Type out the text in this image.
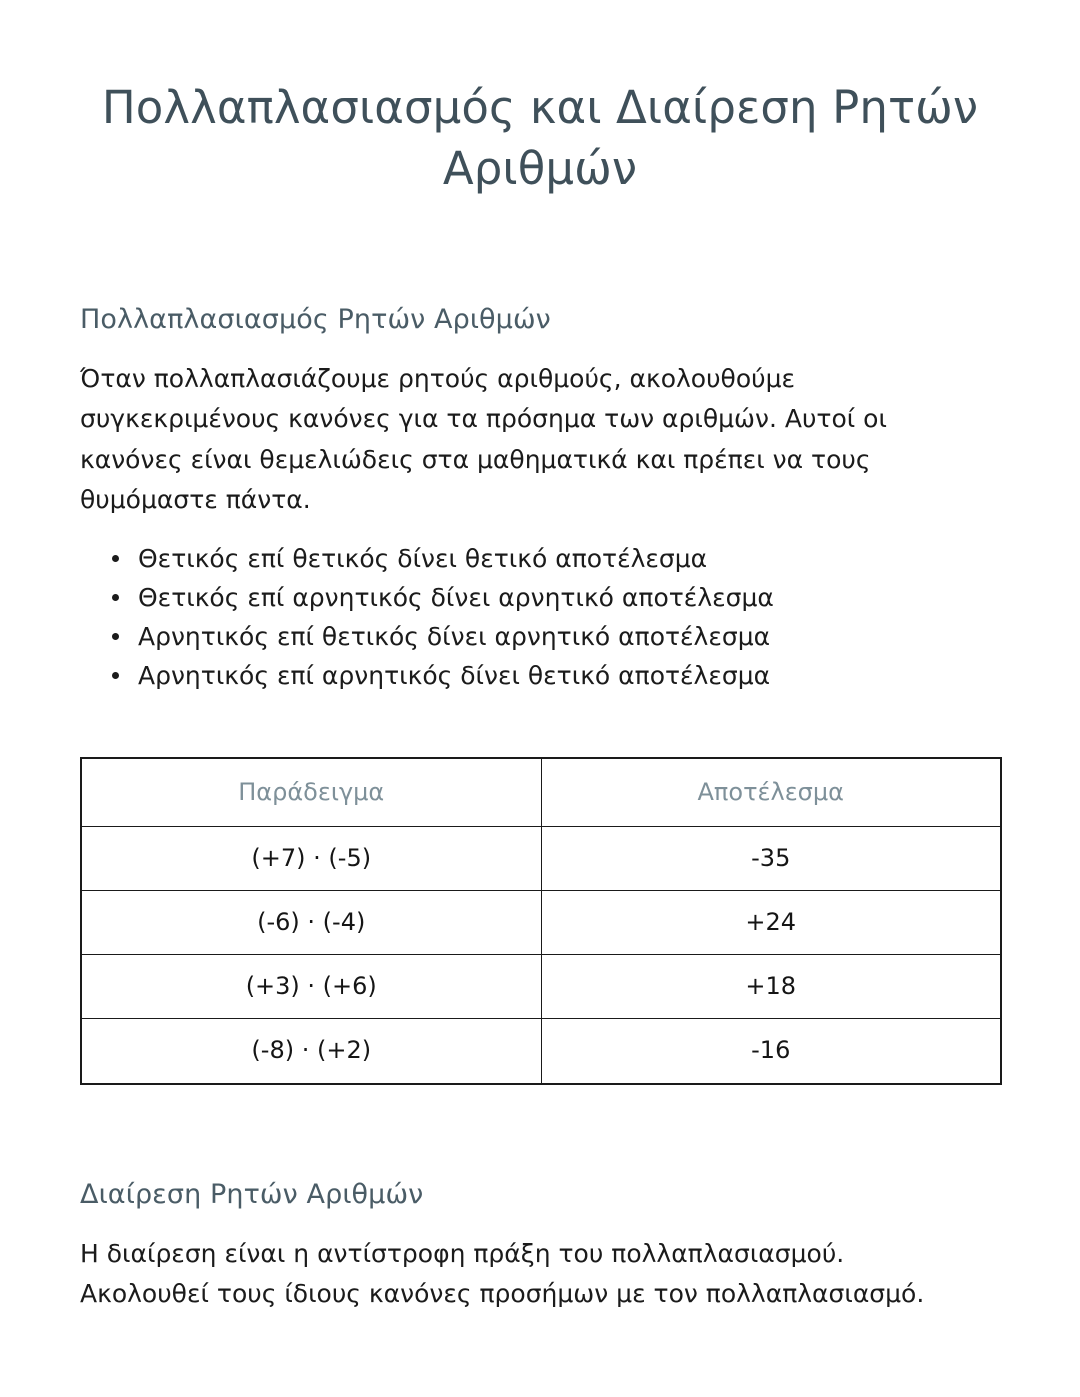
Πολλαπλασιασμός και Διαίρεση Ρητών Αριθμών
Πολλαπλασιασμός Ρητών Αριθμών

Όταν πολλαπλασιάζουμε ρητούς αριθμούς, ακολουθούμε συγκεκριμένους κανόνες για τα πρόσημα των αριθμών. Αυτοί οι κανόνες είναι θεμελιώδεις στα μαθηματικά και πρέπει να τους θυμόμαστε πάντα.

Θετικός επί θετικός δίνει θετικό αποτέλεσμα
Θετικός επί αρνητικός δίνει αρνητικό αποτέλεσμα
Αρνητικός επί θετικός δίνει αρνητικό αποτέλεσμα
Αρνητικός επί αρνητικός δίνει θετικό αποτέλεσμα
Παράδειγμα	Αποτέλεσμα
(+7) · (-5)	-35
(-6) · (-4)	+24
(+3) · (+6)	+18
(-8) · (+2)	-16
Διαίρεση Ρητών Αριθμών

Η διαίρεση είναι η αντίστροφη πράξη του πολλαπλασιασμού.

Ακολουθεί τους ίδιους κανόνες προσήμων με τον πολλαπλασιασμό.
